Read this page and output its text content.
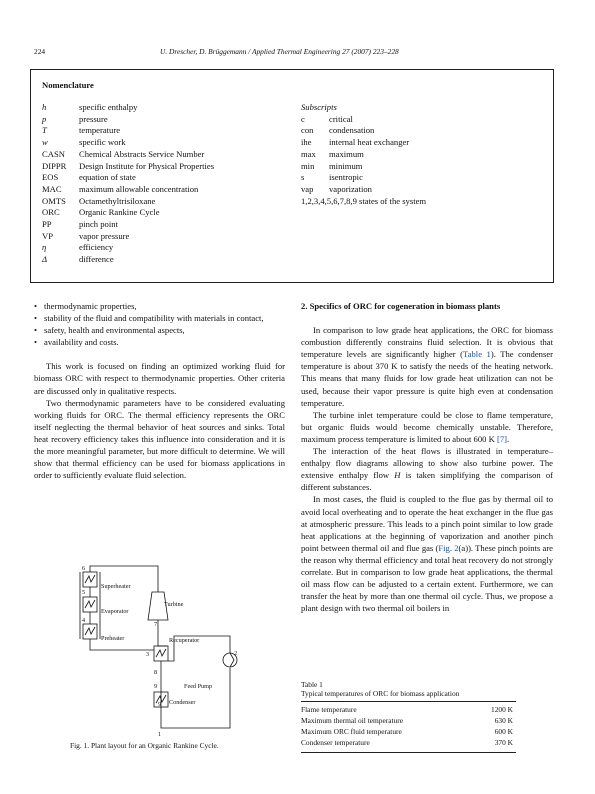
224	U. Drescher, D. Brüggemann / Applied Thermal Engineering 27 (2007) 223–228
Nomenclature
h	specific enthalpy
p	pressure
T	temperature
w	specific work
CASN Chemical Abstracts Service Number
DIPPR Design Institute for Physical Properties
EOS equation of state
MAC maximum allowable concentration
OMTS Octamethyltrisiloxane
ORC Organic Rankine Cycle
PP	pinch point
VP	vapor pressure
η	efficiency
Δ	difference
Subscripts
c	critical
con condensation
ihe internal heat exchanger
max maximum
min minimum
s	isentropic
vap vaporization
1,2,3,4,5,6,7,8,9 states of the system

• thermodynamic properties,

• stability of the fluid and compatibility with materials in contact,

• safety, health and environmental aspects,

• availability and costs.

This work is focused on finding an optimized working fluid for biomass ORC with respect to thermodynamic properties. Other criteria are discussed only in qualitative respects.

Two thermodynamic parameters have to be considered evaluating working fluids for ORC. The thermal efficiency represents the ORC itself neglecting the thermal behavior of heat sources and sinks. Total heat recovery efficiency takes this influence into consideration and it is the more meaningful parameter, but more difficult to determine. We will show that thermal efficiency can be used for biomass applications in order to sufficiently evaluate fluid selection.

Superheater
Evaporator
Preheater
Turbine
Recuperator
Feed Pump
Condenser
6
5
4
7
3
8
9
9
1
2
Fig. 1. Plant layout for an Organic Rankine Cycle.

2. Specifics of ORC for cogeneration in biomass plants

In comparison to low grade heat applications, the ORC for biomass combustion differently constrains fluid selection. It is obvious that temperature levels are significantly higher (Table 1). The condenser temperature is about 370 K to satisfy the needs of the heating network. This means that many fluids for low grade heat utilization can not be used, because their vapor pressure is quite high even at condensation temperature.

The turbine inlet temperature could be close to flame temperature, but organic fluids would become chemically unstable. Therefore, maximum process temperature is limited to about 600 K [7].

The interaction of the heat flows is illustrated in temperature–enthalpy flow diagrams allowing to show also turbine power. The extensive enthalpy flow H is taken simplifying the comparison of different substances.

In most cases, the fluid is coupled to the flue gas by thermal oil to avoid local overheating and to operate the heat exchanger in the flue gas at atmospheric pressure. This leads to a pinch point similar to low grade heat applications at the beginning of vaporization and another pinch point between thermal oil and flue gas (Fig. 2(a)). These pinch points are the reason why thermal efficiency and total heat recovery do not strongly correlate. But in comparison to low grade heat applications, the thermal oil mass flow can be adjusted to a certain extent. Furthermore, we can transfer the heat by more than one thermal oil cycle. Thus, we propose a plant design with two thermal oil boilers in

Table 1
Typical temperatures of ORC for biomass application
Flame temperature	1200 K
Maximum thermal oil temperature	630 K
Maximum ORC fluid temperature	600 K
Condenser temperature	370 K
